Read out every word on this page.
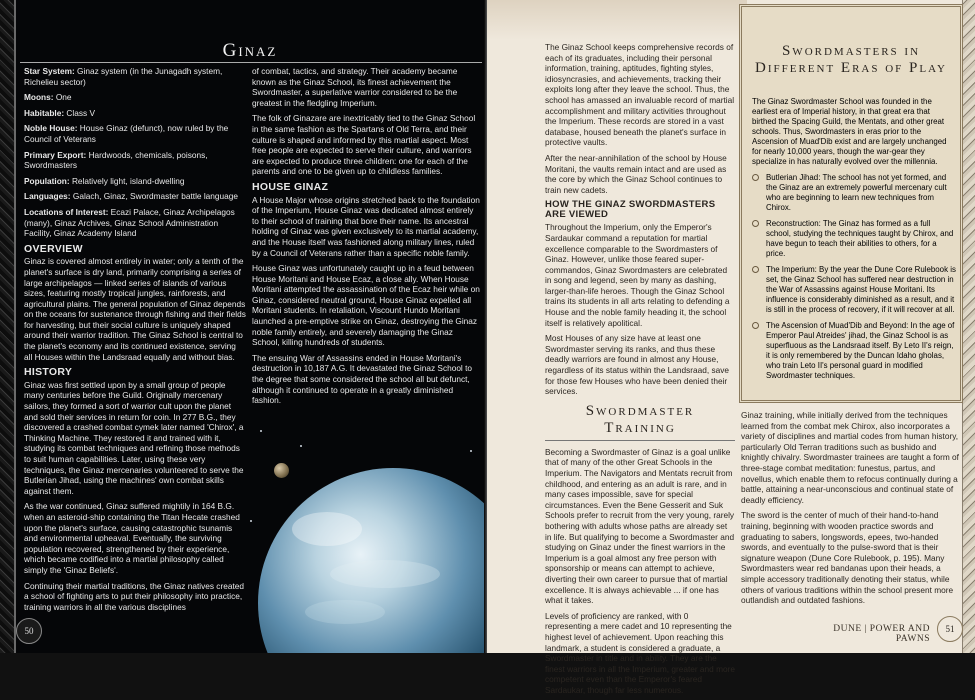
Ginaz

Star System: Ginaz system (in the Junagadh system, Richelieu sector)

Moons: One

Habitable: Class V

Noble House: House Ginaz (defunct), now ruled by the Council of Veterans

Primary Export: Hardwoods, chemicals, poisons, Swordmasters

Population: Relatively light, island-dwelling

Languages: Galach, Ginaz, Swordmaster battle language

Locations of Interest: Ecazi Palace, Ginaz Archipelagos (many), Ginaz Archives, Ginaz School Administration Facility, Ginaz Academy Island

OVERVIEW

Ginaz is covered almost entirely in water; only a tenth of the planet's surface is dry land, primarily comprising a series of large archipelagos — linked series of islands of various sizes, featuring mostly tropical jungles, rainforests, and agricultural plains. The general population of Ginaz depends on the oceans for sustenance through fishing and their fields for harvesting, but their social culture is uniquely shaped around their warrior tradition. The Ginaz School is central to the planet's economy and its continued existence, serving all Houses within the Landsraad equally and without bias.

HISTORY

Ginaz was first settled upon by a small group of people many centuries before the Guild. Originally mercenary sailors, they formed a sort of warrior cult upon the planet and sold their services in return for coin. In 277 B.G., they discovered a crashed combat cymek later named 'Chirox', a Thinking Machine. They restored it and trained with it, studying its combat techniques and refining those methods to suit human capabilities. Later, using these very techniques, the Ginaz mercenaries volunteered to serve the Butlerian Jihad, using the machines' own combat skills against them.

As the war continued, Ginaz suffered mightily in 164 B.G. when an asteroid-ship containing the Titan Hecate crashed upon the planet's surface, causing catastrophic tsunamis and environmental upheaval. Eventually, the surviving population recovered, strengthened by their experience, which became codified into a martial philosophy called simply the 'Ginaz Beliefs'.

Continuing their martial traditions, the Ginaz natives created a school of fighting arts to put their philosophy into practice, training warriors in all the various disciplines

of combat, tactics, and strategy. Their academy became known as the Ginaz School, its finest achievement the Swordmaster, a superlative warrior considered to be the greatest in the fledgling Imperium.

The folk of Ginazare are inextricably tied to the Ginaz School in the same fashion as the Spartans of Old Terra, and their culture is shaped and informed by this martial aspect. Most free people are expected to serve their culture, and warriors are expected to produce three children: one for each of the parents and one to be given up to childless families.

HOUSE GINAZ

A House Major whose origins stretched back to the foundation of the Imperium, House Ginaz was dedicated almost entirely to their school of training that bore their name. Its ancestral holding of Ginaz was given exclusively to its martial academy, and the House itself was fashioned along military lines, ruled by a Council of Veterans rather than a specific noble family.

House Ginaz was unfortunately caught up in a feud between House Moritani and House Ecaz, a close ally. When House Moritani attempted the assassination of the Ecaz heir while on Ginaz, considered neutral ground, House Ginaz expelled all Moritani students. In retaliation, Viscount Hundo Moritani launched a pre-emptive strike on Ginaz, destroying the Ginaz noble family entirely, and severely damaging the Ginaz School, killing hundreds of students.

The ensuing War of Assassins ended in House Moritani's destruction in 10,187 A.G. It devastated the Ginaz School to the degree that some considered the school all but defunct, although it continued to operate in a greatly diminished fashion.

50

The Ginaz School keeps comprehensive records of each of its graduates, including their personal information, training, aptitudes, fighting styles, idiosyncrasies, and achievements, tracking their exploits long after they leave the school. Thus, the school has amassed an invaluable record of martial accomplishment and military activities throughout the Imperium. These records are stored in a vast database, housed beneath the planet's surface in protective vaults.

After the near-annihilation of the school by House Moritani, the vaults remain intact and are used as the core by which the Ginaz School continues to train new cadets.

HOW THE GINAZ SWORDMASTERS ARE VIEWED

Throughout the Imperium, only the Emperor's Sardaukar command a reputation for martial excellence comparable to the Swordmasters of Ginaz. However, unlike those feared super-commandos, Ginaz Swordmasters are celebrated in song and legend, seen by many as dashing, larger-than-life heroes. Though the Ginaz School trains its students in all arts relating to defending a House and the noble family heading it, the school itself is relatively apolitical.

Most Houses of any size have at least one Swordmaster serving its ranks, and thus these deadly warriors are found in almost any House, regardless of its status within the Landsraad, save for those few Houses who have been denied their services.

Swordmaster Training

Becoming a Swordmaster of Ginaz is a goal unlike that of many of the other Great Schools in the Imperium. The Navigators and Mentats recruit from childhood, and entering as an adult is rare, and in many cases impossible, save for special circumstances. Even the Bene Gesserit and Suk Schools prefer to recruit from the very young, rarely bothering with adults whose paths are already set in life. But qualifying to become a Swordmaster and studying on Ginaz under the finest warriors in the Imperium is a goal almost any free person with sponsorship or means can attempt to achieve, diverting their own career to pursue that of martial excellence. It is always achievable ... if one has what it takes.

Levels of proficiency are ranked, with 0 representing a mere cadet and 10 representing the highest level of achievement. Upon reaching this landmark, a student is considered a graduate, a Swordmaster in title and in ability. They are the finest warriors in all the Imperium, greater and more competent even than the Emperor's feared Sardaukar, though far less numerous.

Swordmasters in Different Eras of Play

The Ginaz Swordmaster School was founded in the earliest era of Imperial history, in that great era that birthed the Spacing Guild, the Mentats, and other great schools. Thus, Swordmasters in eras prior to the Ascension of Muad'Dib exist and are largely unchanged for nearly 10,000 years, though the war-gear they specialize in has naturally evolved over the millennia.

Butlerian Jihad: The school has not yet formed, and the Ginaz are an extremely powerful mercenary cult who are beginning to learn new techniques from Chirox.
Reconstruction: The Ginaz has formed as a full school, studying the techniques taught by Chirox, and have begun to teach their abilities to others, for a price.
The Imperium: By the year the Dune Core Rulebook is set, the Ginaz School has suffered near destruction in the War of Assassins against House Moritani. Its influence is considerably diminished as a result, and it is still in the process of recovery, if it will recover at all.
The Ascension of Muad'Dib and Beyond: In the age of Emperor Paul Atreides' jihad, the Ginaz School is as superfluous as the Landsraad itself. By Leto II's reign, it is only remembered by the Duncan Idaho gholas, who train Leto II's personal guard in modified Swordmaster techniques.

Ginaz training, while initially derived from the techniques learned from the combat mek Chirox, also incorporates a variety of disciplines and martial codes from human history, particularly Old Terran traditions such as bushido and knightly chivalry. Swordmaster trainees are taught a form of three-stage combat meditation: funestus, partus, and novellus, which enable them to refocus continually during a battle, attaining a near-unconscious and continual state of deadly efficiency.

The sword is the center of much of their hand-to-hand training, beginning with wooden practice swords and graduating to sabers, longswords, epees, two-handed swords, and eventually to the pulse-sword that is their signature weapon (Dune Core Rulebook, p. 195). Many Swordmasters wear red bandanas upon their heads, a simple accessory traditionally denoting their status, while others of various traditions within the school present more outlandish and outdated fashions.

DUNE | POWER AND PAWNS
51
